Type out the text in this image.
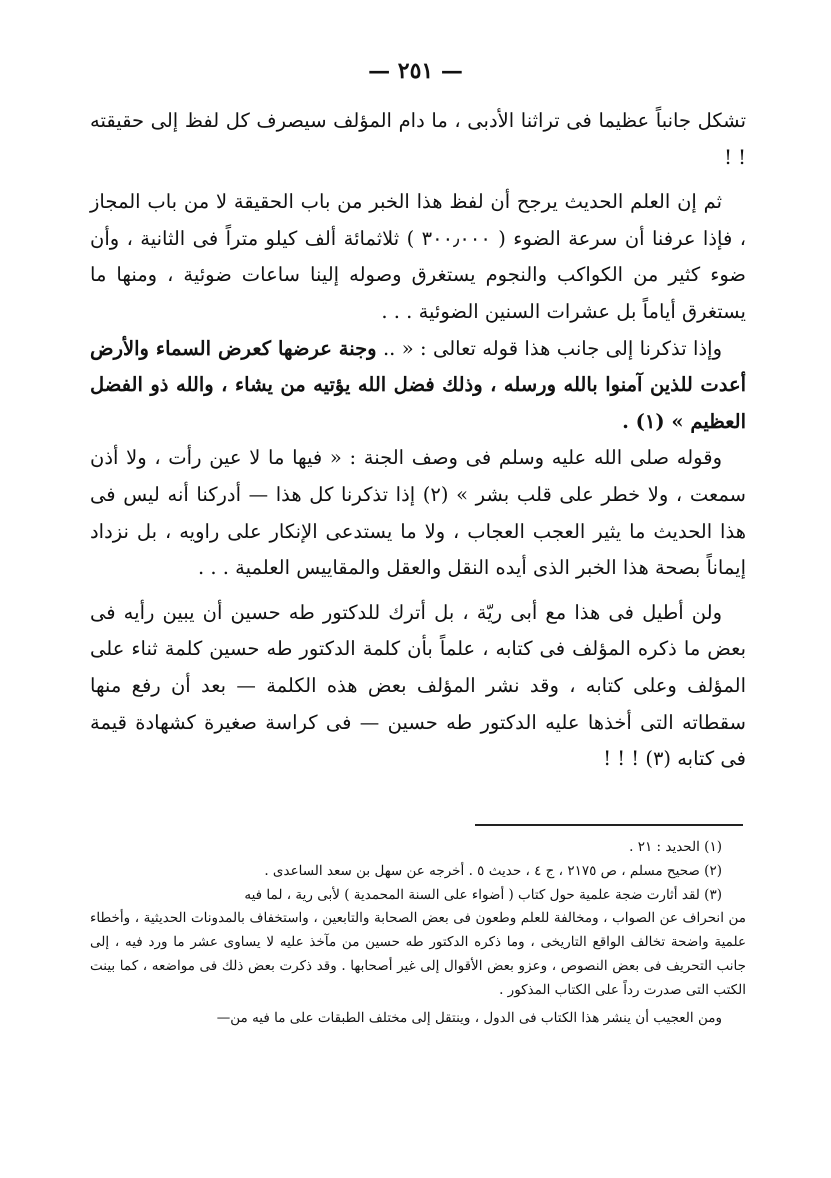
— ٢٥١ —

تشكل جانباً عظيما فى تراثنا الأدبى ، ما دام المؤلف سيصرف كل لفظ إلى حقيقته ! !

ثم إن العلم الحديث يرجح أن لفظ هذا الخبر من باب الحقيقة لا من باب المجاز ، فإذا عرفنا أن سرعة الضوء ( ٣٠٠٫٠٠٠ ) ثلاثمائة ألف كيلو متراً فى الثانية ، وأن ضوء كثير من الكواكب والنجوم يستغرق وصوله إلينا ساعات ضوئية ، ومنها ما يستغرق أياماً بل عشرات السنين الضوئية . . .

وإذا تذكرنا إلى جانب هذا قوله تعالى : « .. وجنة عرضها كعرض السماء والأرض أعدت للذين آمنوا بالله ورسله ، وذلك فضل الله يؤتيه من يشاء ، والله ذو الفضل العظيم » (١) .

وقوله صلى الله عليه وسلم فى وصف الجنة : « فيها ما لا عين رأت ، ولا أذن سمعت ، ولا خطر على قلب بشر » (٢) إذا تذكرنا كل هذا — أدركنا أنه ليس فى هذا الحديث ما يثير العجب العجاب ، ولا ما يستدعى الإنكار على راويه ، بل نزداد إيماناً بصحة هذا الخبر الذى أيده النقل والعقل والمقاييس العلمية . . .

ولن أطيل فى هذا مع أبى ريّة ، بل أترك للدكتور طه حسين أن يبين رأيه فى بعض ما ذكره المؤلف فى كتابه ، علماً بأن كلمة الدكتور طه حسين كلمة ثناء على المؤلف وعلى كتابه ، وقد نشر المؤلف بعض هذه الكلمة — بعد أن رفع منها سقطاته التى أخذها عليه الدكتور طه حسين — فى كراسة صغيرة كشهادة قيمة فى كتابه (٣) ! ! !

(١) الحديد : ٢١ .

(٢) صحيح مسلم ، ص ٢١٧٥ ، ج ٤ ، حديث ٥ . أخرجه عن سهل بن سعد الساعدى .

(٣) لقد أثارت ضجة علمية حول كتاب ( أضواء على السنة المحمدية ) لأبى رية ، لما فيه

من انحراف عن الصواب ، ومخالفة للعلم وطعون فى بعض الصحابة والتابعين ، واستخفاف بالمدونات الحديثية ، وأخطاء علمية واضحة تخالف الواقع التاريخى ، وما ذكره الدكتور طه حسين من مآخذ عليه لا يساوى عشر ما ورد فيه ، إلى جانب التحريف فى بعض النصوص ، وعزو بعض الأقوال إلى غير أصحابها . وقد ذكرت بعض ذلك فى مواضعه ، كما بينت الكتب التى صدرت رداً على الكتاب المذكور .

ومن العجيب أن ينشر هذا الكتاب فى الدول ، وينتقل إلى مختلف الطبقات على ما فيه من—
